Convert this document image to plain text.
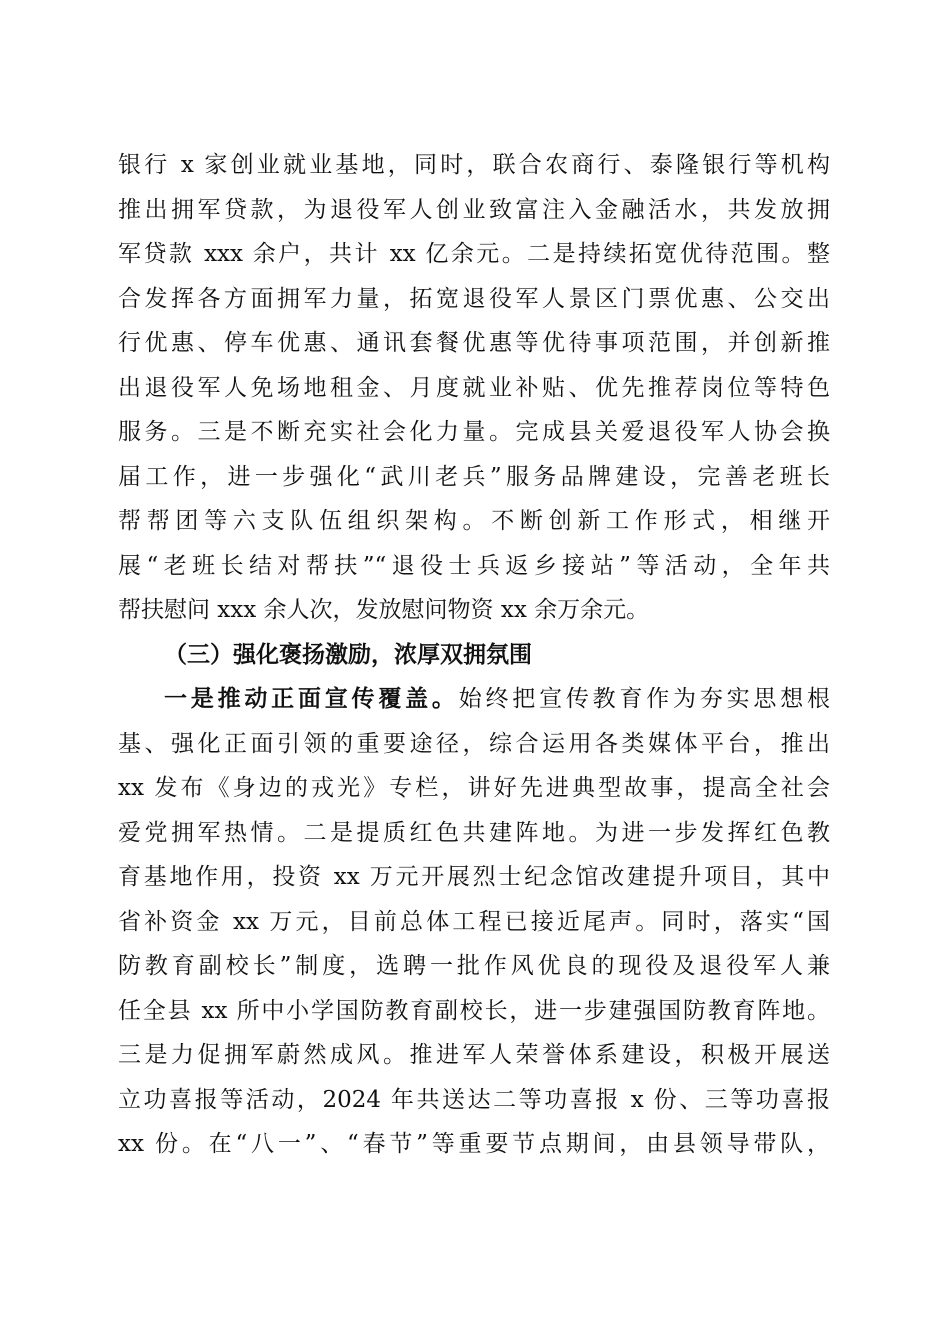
银行 x 家创业就业基地，同时，联合农商行、泰隆银行等机构
推出拥军贷款，为退役军人创业致富注入金融活水，共发放拥
军贷款 xxx 余户，共计 xx 亿余元。二是持续拓宽优待范围。整
合发挥各方面拥军力量，拓宽退役军人景区门票优惠、公交出
行优惠、停车优惠、通讯套餐优惠等优待事项范围，并创新推
出退役军人免场地租金、月度就业补贴、优先推荐岗位等特色
服务。三是不断充实社会化力量。完成县关爱退役军人协会换
届工作，进一步强化“武川老兵”服务品牌建设，完善老班长
帮帮团等六支队伍组织架构。不断创新工作形式，相继开
展“老班长结对帮扶”“退役士兵返乡接站”等活动，全年共
帮扶慰问 xxx 余人次，发放慰问物资 xx 余万余元。
（三）强化褒扬激励，浓厚双拥氛围
一是推动正面宣传覆盖。始终把宣传教育作为夯实思想根
基、强化正面引领的重要途径，综合运用各类媒体平台，推出
xx 发布《身边的戎光》专栏，讲好先进典型故事，提高全社会
爱党拥军热情。二是提质红色共建阵地。为进一步发挥红色教
育基地作用，投资 xx 万元开展烈士纪念馆改建提升项目，其中
省补资金 xx 万元，目前总体工程已接近尾声。同时，落实“国
防教育副校长”制度，选聘一批作风优良的现役及退役军人兼
任全县 xx 所中小学国防教育副校长，进一步建强国防教育阵地。
三是力促拥军蔚然成风。推进军人荣誉体系建设，积极开展送
立功喜报等活动，2024 年共送达二等功喜报 x 份、三等功喜报
xx 份。在“八一”、“春节”等重要节点期间，由县领导带队，
